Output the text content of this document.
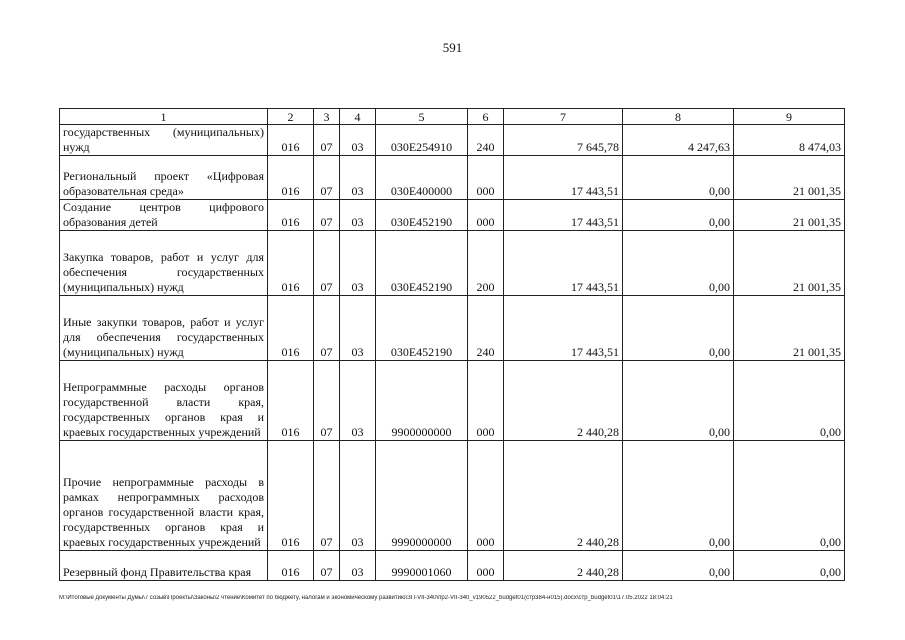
591
1	2	3	4	5	6	7	8	9
государственных (муниципальных) нужд	016	07	03	030E254910	240	7 645,78	4 247,63	8 474,03
Региональный проект «Цифровая образовательная среда»	016	07	03	030E400000	000	17 443,51	0,00	21 001,35
Создание центров цифрового образования детей	016	07	03	030E452190	000	17 443,51	0,00	21 001,35
Закупка товаров, работ и услуг для обеспечения государственных (муниципальных) нужд	016	07	03	030E452190	200	17 443,51	0,00	21 001,35
Иные закупки товаров, работ и услуг для обеспечения государственных (муниципальных) нужд	016	07	03	030E452190	240	17 443,51	0,00	21 001,35
Непрограммные расходы органов государственной власти края, государственных органов края и краевых государственных учреждений	016	07	03	9900000000	000	2 440,28	0,00	0,00
Прочие непрограммные расходы в рамках непрограммных расходов органов государственной власти края, государственных органов края и краевых государственных учреждений	016	07	03	9990000000	000	2 440,28	0,00	0,00
Резервный фонд Правительства края	016	07	03	9990001060	000	2 440,28	0,00	0,00
M:\Итоговые документы Думы\7 созыв\Проекты\Законы\2 чтение\Комитет по бюджету, налогам и экономическому развитию\ЗП-VII-340\пр2-VII-340_v190522_budget01(стр384-н015).docx\стр_budget01\17.05.2022 18:04:21
